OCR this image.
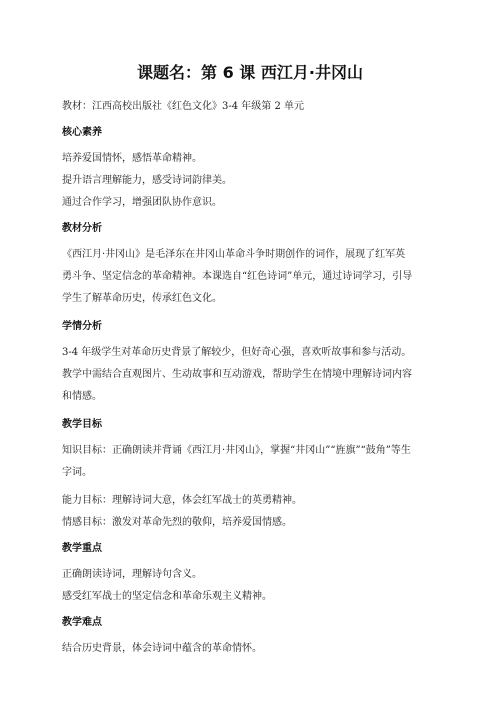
课题名：第 6 课 西江月·井冈山

教材：江西高校出版社《红色文化》3-4 年级第 2 单元

核心素养

培养爱国情怀，感悟革命精神。

提升语言理解能力，感受诗词韵律美。

通过合作学习，增强团队协作意识。

教材分析
《西江月·井冈山》是毛泽东在井冈山革命斗争时期创作的词作，展现了红军英
勇斗争、坚定信念的革命精神。本课选自“红色诗词”单元，通过诗词学习，引导
学生了解革命历史，传承红色文化。
学情分析
3-4 年级学生对革命历史背景了解较少，但好奇心强，喜欢听故事和参与活动。
教学中需结合直观图片、生动故事和互动游戏，帮助学生在情境中理解诗词内容
和情感。
教学目标
知识目标：正确朗读并背诵《西江月·井冈山》，掌握“井冈山”“旌旗”“鼓角”等生
字词。

能力目标：理解诗词大意，体会红军战士的英勇精神。

情感目标：激发对革命先烈的敬仰，培养爱国情感。

教学重点

正确朗读诗词，理解诗句含义。

感受红军战士的坚定信念和革命乐观主义精神。

教学难点

结合历史背景，体会诗词中蕴含的革命情怀。
